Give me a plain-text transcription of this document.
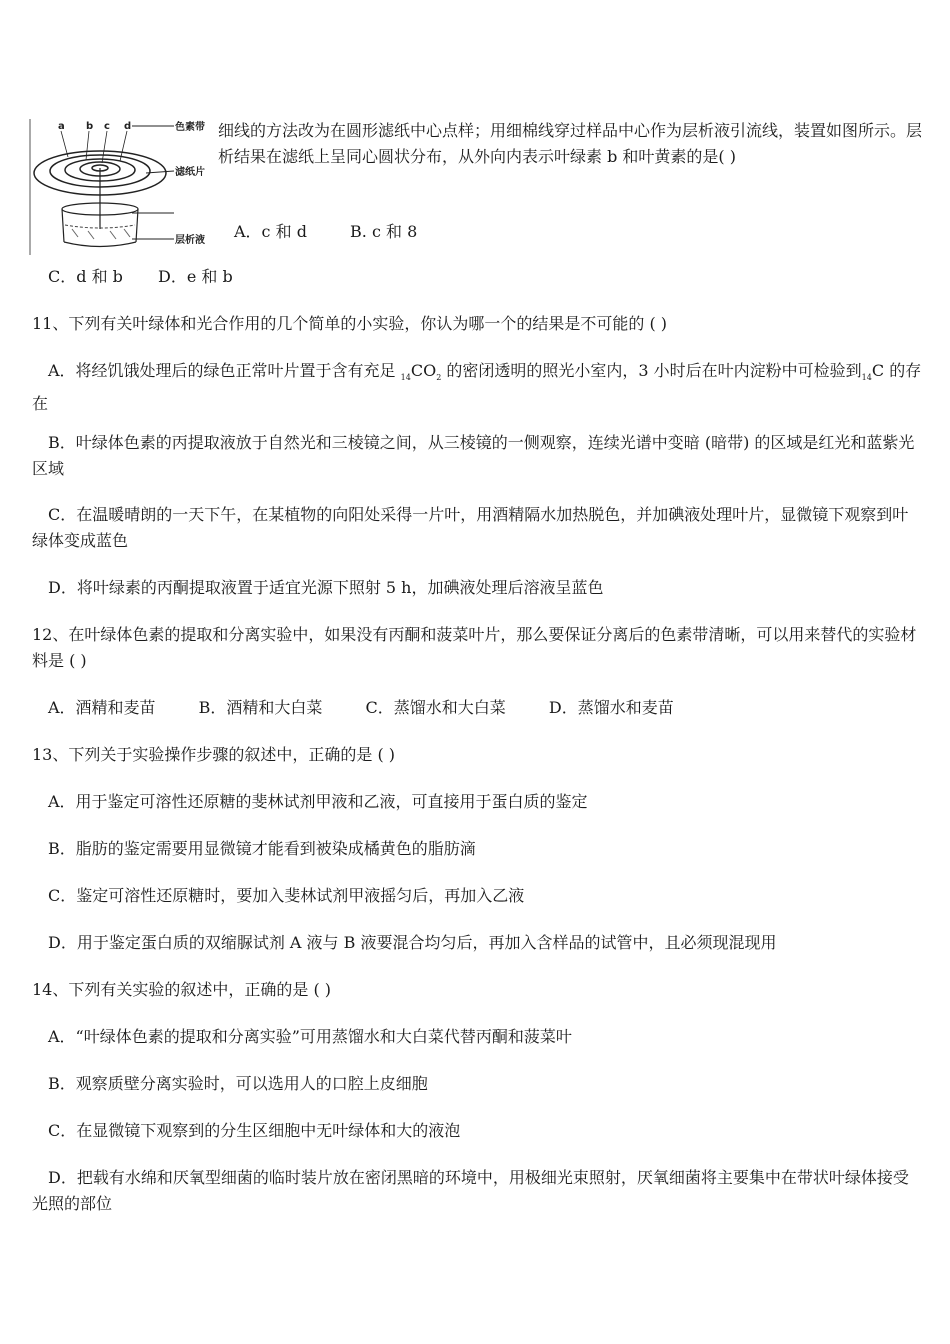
a b c d	色素带
滤纸片
层析液
细线的方法改为在圆形滤纸中心点样；用细棉线穿过样品中心作为层析液引流线，装置如图所示。层析结果在滤纸上呈同心圆状分布，从外向内表示叶绿素 b 和叶黄素的是( )
A．c 和 d	B. c 和 8
C．d 和 b D．e 和 b
11、下列有关叶绿体和光合作用的几个简单的小实验，你认为哪一个的结果是不可能的 ( )
A．将经饥饿处理后的绿色正常叶片置于含有充足 $_{14}CO_2$ 的密闭透明的照光小室内，3 小时后在叶内淀粉中可检验到$_{14}$C 的存在
B．叶绿体色素的丙提取液放于自然光和三棱镜之间，从三棱镜的一侧观察，连续光谱中变暗 (暗带) 的区域是红光和蓝紫光区域
C．在温暖晴朗的一天下午，在某植物的向阳处采得一片叶，用酒精隔水加热脱色，并加碘液处理叶片，显微镜下观察到叶绿体变成蓝色
D．将叶绿素的丙酮提取液置于适宜光源下照射 5 h，加碘液处理后溶液呈蓝色
12、在叶绿体色素的提取和分离实验中，如果没有丙酮和菠菜叶片，那么要保证分离后的色素带清晰，可以用来替代的实验材料是 ( )
A．酒精和麦苗	B．酒精和大白菜	C．蒸馏水和大白菜	D．蒸馏水和麦苗
13、下列关于实验操作步骤的叙述中，正确的是 ( )
A．用于鉴定可溶性还原糖的斐林试剂甲液和乙液，可直接用于蛋白质的鉴定
B．脂肪的鉴定需要用显微镜才能看到被染成橘黄色的脂肪滴
C．鉴定可溶性还原糖时，要加入斐林试剂甲液摇匀后，再加入乙液
D．用于鉴定蛋白质的双缩脲试剂 A 液与 B 液要混合均匀后，再加入含样品的试管中，且必须现混现用
14、下列有关实验的叙述中，正确的是 ( )
A．“叶绿体色素的提取和分离实验”可用蒸馏水和大白菜代替丙酮和菠菜叶
B．观察质壁分离实验时，可以选用人的口腔上皮细胞
C．在显微镜下观察到的分生区细胞中无叶绿体和大的液泡
D．把载有水绵和厌氧型细菌的临时装片放在密闭黑暗的环境中，用极细光束照射，厌氧细菌将主要集中在带状叶绿体接受光照的部位
